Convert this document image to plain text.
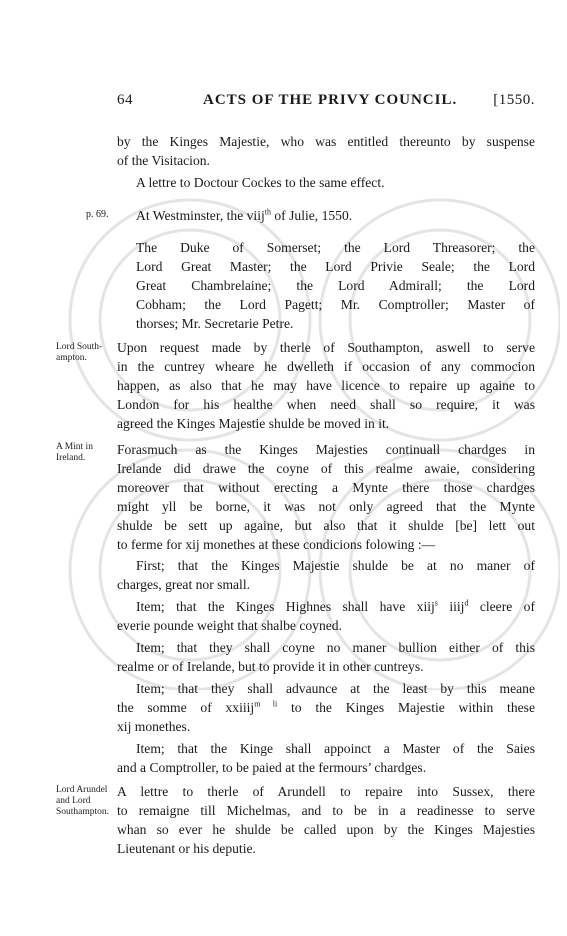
64	ACTS OF THE PRIVY COUNCIL. [1550.
by the Kinges Majestie, who was entitled thereunto by suspense
of the Visitacion.
A lettre to Doctour Cockes to the same effect.
p. 69. At Westminster, the viij$^{th}$ of Julie, 1550.
The Duke of Somerset; the Lord Threasorer; the
Lord Great Master; the Lord Privie Seale; the Lord
Great Chambrelaine; the Lord Admirall; the Lord
Cobham; the Lord Pagett; Mr. Comptroller; Master of
thorses; Mr. Secretarie Petre.
Lord South-
ampton.
Upon request made by therle of Southampton, aswell to serve
in the cuntrey wheare he dwelleth if occasion of any commocion
happen, as also that he may have licence to repaire up againe to
London for his healthe when need shall so require, it was
agreed the Kinges Majestie shulde be moved in it.
A Mint in
Ireland.
Forasmuch as the Kinges Majesties continuall chardges in
Irelande did drawe the coyne of this realme awaie, considering
moreover that without erecting a Mynte there those chardges
might yll be borne, it was not only agreed that the Mynte
shulde be sett up againe, but also that it shulde [be] lett out
to ferme for xij monethes at these condicions folowing :—
First; that the Kinges Majestie shulde be at no maner of
charges, great nor small.
Item; that the Kinges Highnes shall have xiij$^s$ iiij$^d$ cleere of
everie pounde weight that shalbe coyned.
Item; that they shall coyne no maner bullion either of this
realme or of Irelande, but to provide it in other cuntreys.
Item; that they shall advaunce at the least by this meane
the somme of xxiiij$^{m li}$ to the Kinges Majestie within these
xij monethes.
Item; that the Kinge shall appoinct a Master of the Saies
and a Comptroller, to be paied at the fermours’ chardges.
Lord Arundel
and Lord
Southampton.
A lettre to therle of Arundell to repaire into Sussex, there
to remaigne till Michelmas, and to be in a readinesse to serve
whan so ever he shulde be called upon by the Kinges Majesties
Lieutenant or his deputie.
